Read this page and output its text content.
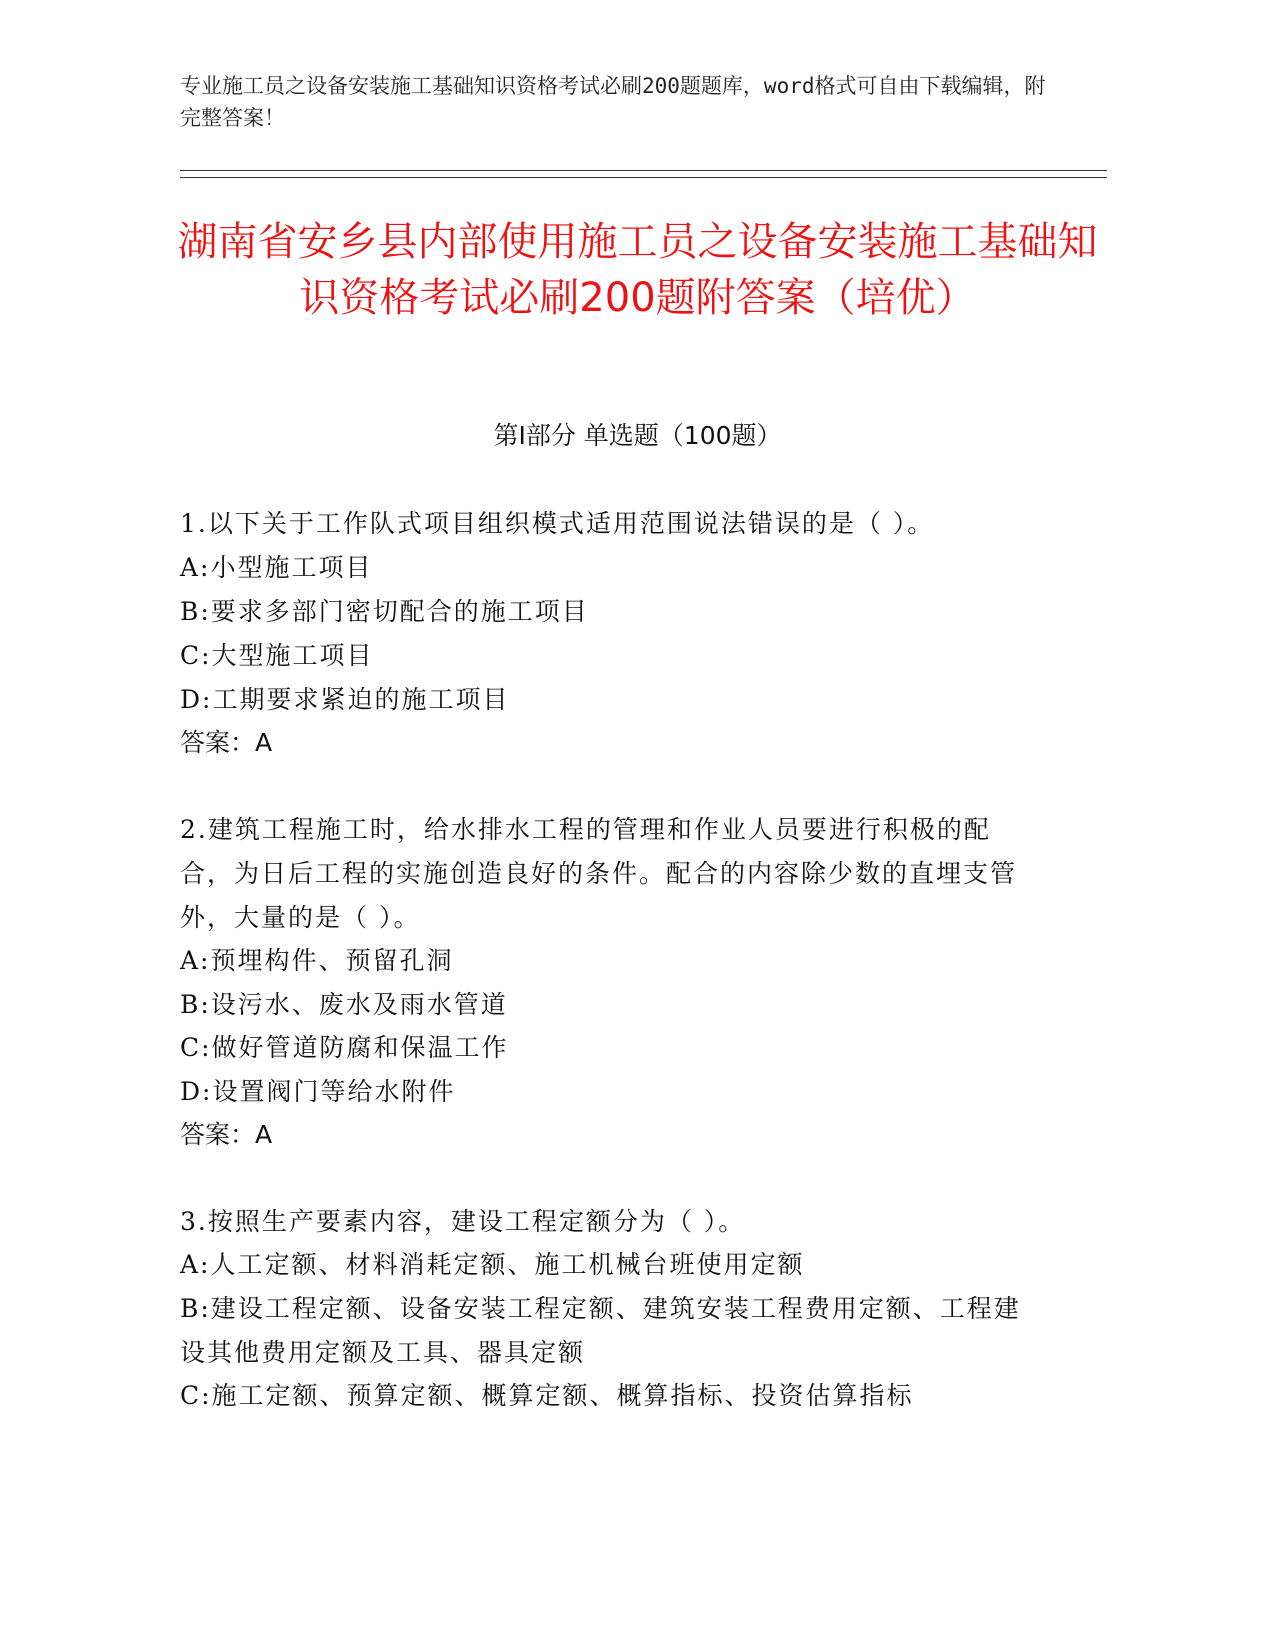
专业施工员之设备安装施工基础知识资格考试必刷200题题库，word格式可自由下载编辑，附完整答案！
湖南省安乡县内部使用施工员之设备安装施工基础知识资格考试必刷200题附答案（培优）
第I部分 单选题（100题）
1.以下关于工作队式项目组织模式适用范围说法错误的是（ ）。
A:小型施工项目
B:要求多部门密切配合的施工项目
C:大型施工项目
D:工期要求紧迫的施工项目
答案：A
2.建筑工程施工时，给水排水工程的管理和作业人员要进行积极的配合，为日后工程的实施创造良好的条件。配合的内容除少数的直埋支管外，大量的是（ ）。
A:预埋构件、预留孔洞
B:设污水、废水及雨水管道
C:做好管道防腐和保温工作
D:设置阀门等给水附件
答案：A
3.按照生产要素内容，建设工程定额分为（ ）。
A:人工定额、材料消耗定额、施工机械台班使用定额
B:建设工程定额、设备安装工程定额、建筑安装工程费用定额、工程建设其他费用定额及工具、器具定额
C:施工定额、预算定额、概算定额、概算指标、投资估算指标
